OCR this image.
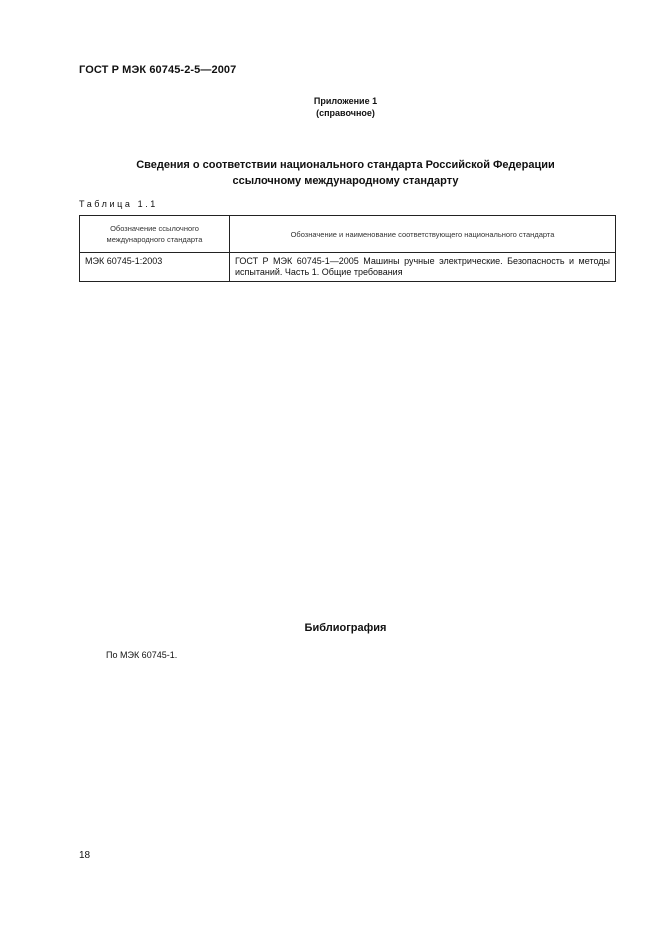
ГОСТ Р МЭК 60745-2-5—2007
Приложение 1
(справочное)
Сведения о соответствии национального стандарта Российской Федерации
ссылочному международному стандарту
Таблица 1.1
Обозначение ссылочного международного стандарта	Обозначение и наименование соответствующего национального стандарта
МЭК 60745-1:2003	ГОСТ Р МЭК 60745-1—2005 Машины ручные электрические. Безопасность и методы испытаний. Часть 1. Общие требования
Библиография
По МЭК 60745-1.
18
